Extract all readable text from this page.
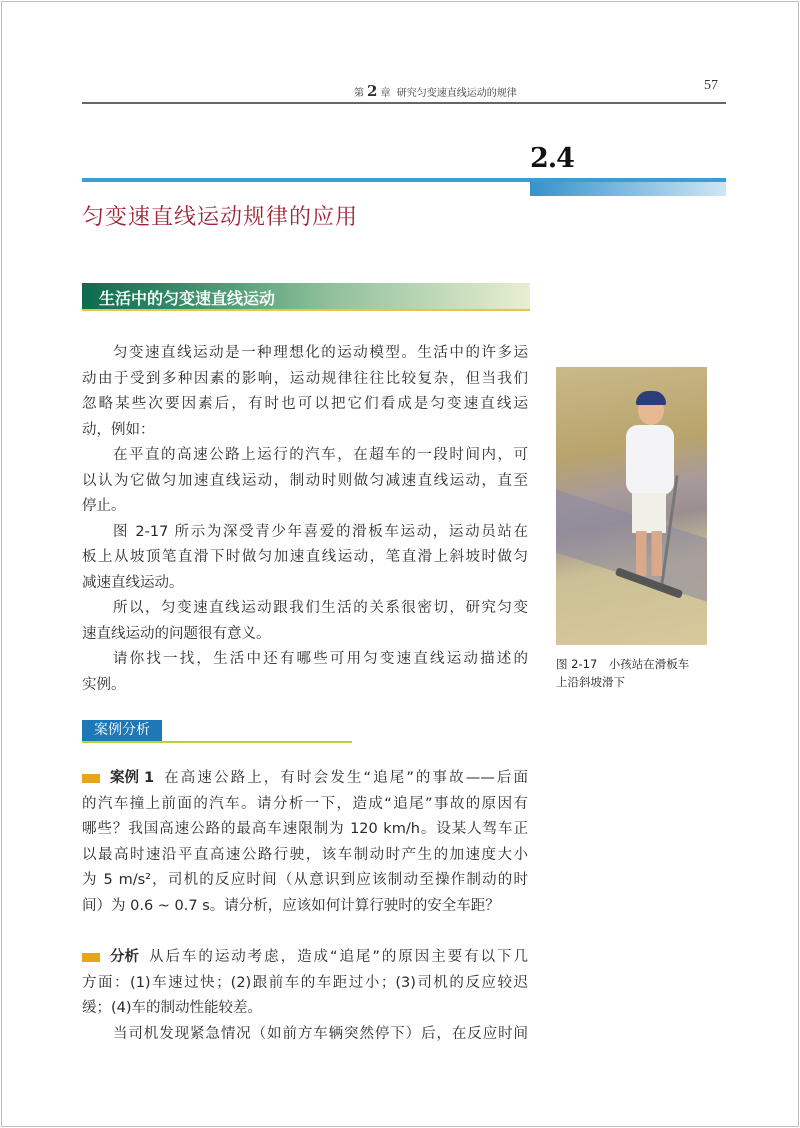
第 2 章 研究匀变速直线运动的规律
57
2.4
匀变速直线运动规律的应用
生活中的匀变速直线运动
匀变速直线运动是一种理想化的运动模型。生活中的许多运
动由于受到多种因素的影响，运动规律往往比较复杂，但当我们
忽略某些次要因素后，有时也可以把它们看成是匀变速直线运
动，例如：
在平直的高速公路上运行的汽车，在超车的一段时间内，可
以认为它做匀加速直线运动，制动时则做匀减速直线运动，直至
停止。
图 2-17 所示为深受青少年喜爱的滑板车运动，运动员站在
板上从坡顶笔直滑下时做匀加速直线运动，笔直滑上斜坡时做匀
减速直线运动。
所以，匀变速直线运动跟我们生活的关系很密切，研究匀变
速直线运动的问题很有意义。
请你找一找，生活中还有哪些可用匀变速直线运动描述的
实例。
图 2-17　小孩站在滑板车
上沿斜坡滑下
案例分析
案例 1 在高速公路上，有时会发生“追尾”的事故——后面
的汽车撞上前面的汽车。请分析一下，造成“追尾”事故的原因有
哪些？我国高速公路的最高车速限制为 120 km/h。设某人驾车正
以最高时速沿平直高速公路行驶，该车制动时产生的加速度大小
为 5 m/s²，司机的反应时间（从意识到应该制动至操作制动的时
间）为 0.6 ~ 0.7 s。请分析，应该如何计算行驶时的安全车距？
分析 从后车的运动考虑，造成“追尾”的原因主要有以下几
方面：(1)车速过快；(2)跟前车的车距过小；(3)司机的反应较迟
缓；(4)车的制动性能较差。
当司机发现紧急情况（如前方车辆突然停下）后，在反应时间
